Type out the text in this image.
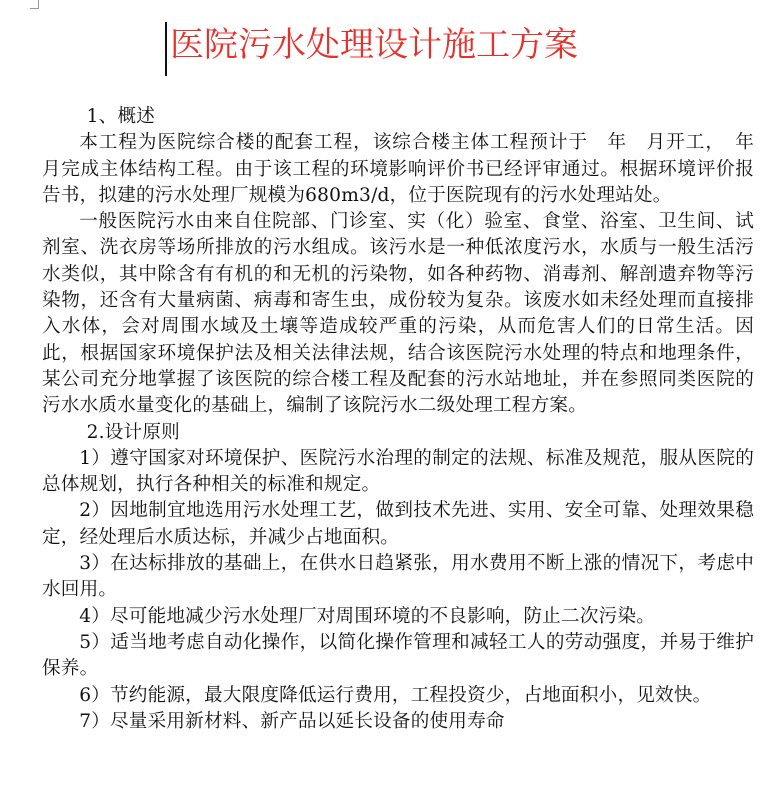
医院污水处理设计施工方案

1、概述

本工程为医院综合楼的配套工程，该综合楼主体工程预计于　年　月开工，　年　月完成主体结构工程。由于该工程的环境影响评价书已经评审通过。根据环境评价报告书，拟建的污水处理厂规模为680m3/d，位于医院现有的污水处理站处。

一般医院污水由来自住院部、门诊室、实（化）验室、食堂、浴室、卫生间、试剂室、洗衣房等场所排放的污水组成。该污水是一种低浓度污水，水质与一般生活污水类似，其中除含有有机的和无机的污染物，如各种药物、消毒剂、解剖遗弃物等污染物，还含有大量病菌、病毒和寄生虫，成份较为复杂。该废水如未经处理而直接排入水体，会对周围水域及土壤等造成较严重的污染，从而危害人们的日常生活。因此，根据国家环境保护法及相关法律法规，结合该医院污水处理的特点和地理条件，某公司充分地掌握了该医院的综合楼工程及配套的污水站地址，并在参照同类医院的污水水质水量变化的基础上，编制了该院污水二级处理工程方案。

2.设计原则

1）遵守国家对环境保护、医院污水治理的制定的法规、标准及规范，服从医院的总体规划，执行各种相关的标准和规定。

2）因地制宜地选用污水处理工艺，做到技术先进、实用、安全可靠、处理效果稳定，经处理后水质达标，并减少占地面积。

3）在达标排放的基础上，在供水日趋紧张，用水费用不断上涨的情况下，考虑中水回用。

4）尽可能地减少污水处理厂对周围环境的不良影响，防止二次污染。

5）适当地考虑自动化操作，以简化操作管理和减轻工人的劳动强度，并易于维护保养。

6）节约能源，最大限度降低运行费用，工程投资少，占地面积小，见效快。

7）尽量采用新材料、新产品以延长设备的使用寿命
